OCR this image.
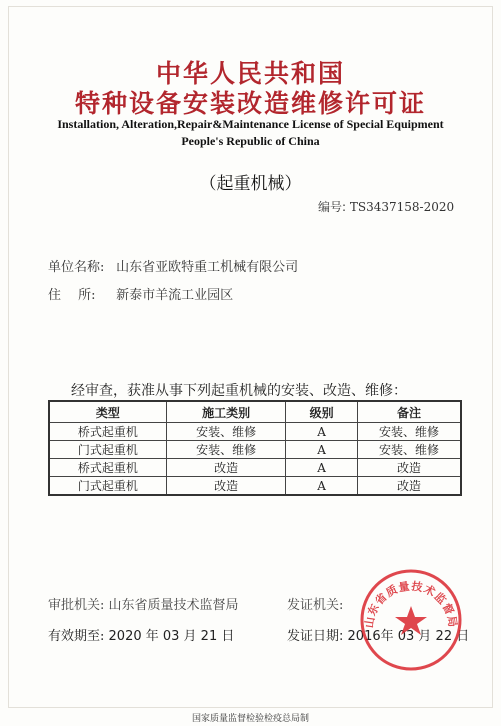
中华人民共和国
特种设备安装改造维修许可证
Installation, Alteration,Repair&Maintenance License of Special Equipment
People's Republic of China
（起重机械）
编号: TS3437158-2020
单位名称: 山东省亚欧特重工机械有限公司
住　 所: 新泰市羊流工业园区
经审查，获准从事下列起重机械的安装、改造、维修：
类型	施工类别	级别	备注
桥式起重机	安装、维修	A	安装、维修
门式起重机	安装、维修	A	安装、维修
桥式起重机	改造	A	改造
门式起重机	改造	A	改造
审批机关: 山东省质量技术监督局	发证机关:
有效期至: 2020 年 03 月 21 日	发证日期: 2016年 03 月 22 日
山东省质量技术监督局
国家质量监督检验检疫总局制
